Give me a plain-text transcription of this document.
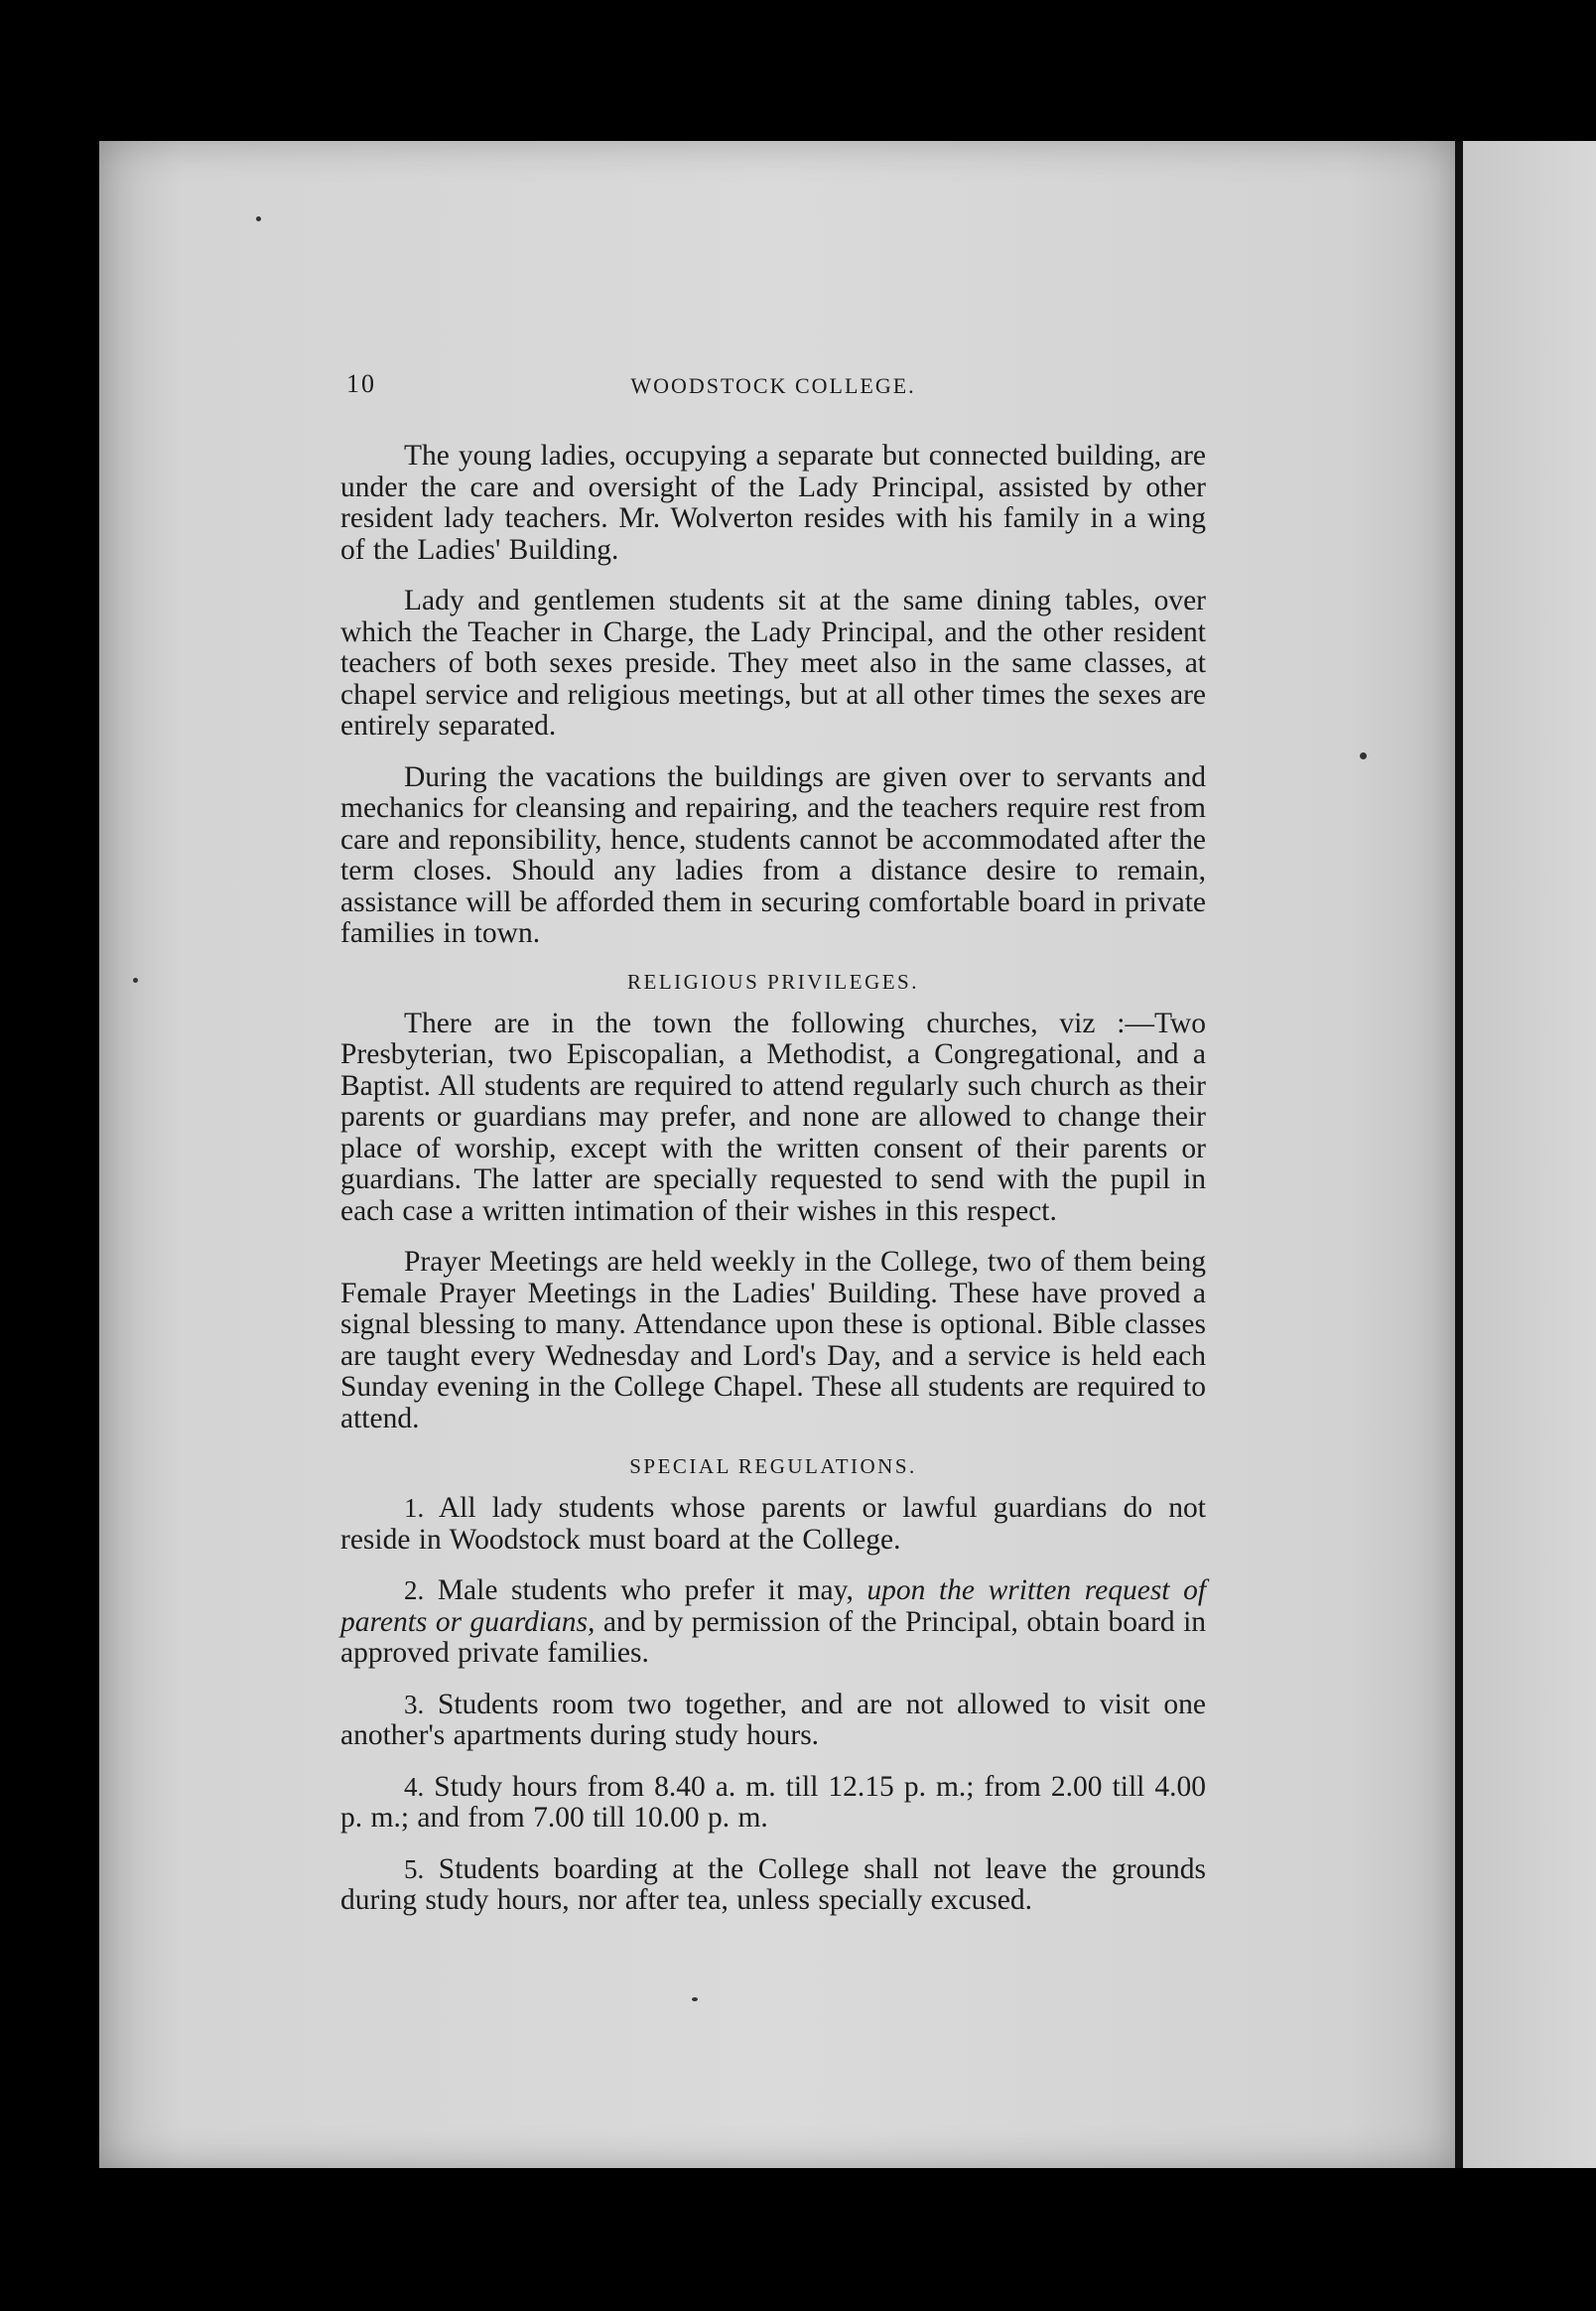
10	WOODSTOCK COLLEGE.

The young ladies, occupying a separate but connected building, are under the care and oversight of the Lady Principal, assisted by other resident lady teachers. Mr. Wolverton resides with his family in a wing of the Ladies' Building.

Lady and gentlemen students sit at the same dining tables, over which the Teacher in Charge, the Lady Principal, and the other resident teachers of both sexes preside. They meet also in the same classes, at chapel service and religious meetings, but at all other times the sexes are entirely separated.

During the vacations the buildings are given over to servants and mechanics for cleansing and repairing, and the teachers require rest from care and reponsibility, hence, students cannot be accommodated after the term closes. Should any ladies from a distance desire to remain, assistance will be afforded them in securing comfortable board in private families in town.

RELIGIOUS PRIVILEGES.

There are in the town the following churches, viz :—Two Presbyterian, two Episcopalian, a Methodist, a Congregational, and a Baptist. All students are required to attend regularly such church as their parents or guardians may prefer, and none are allowed to change their place of worship, except with the written consent of their parents or guardians. The latter are specially requested to send with the pupil in each case a written intimation of their wishes in this respect.

Prayer Meetings are held weekly in the College, two of them being Female Prayer Meetings in the Ladies' Building. These have proved a signal blessing to many. Attendance upon these is optional. Bible classes are taught every Wednesday and Lord's Day, and a service is held each Sunday evening in the College Chapel. These all students are required to attend.

SPECIAL REGULATIONS.

1. All lady students whose parents or lawful guardians do not reside in Woodstock must board at the College.

2. Male students who prefer it may, upon the written request of parents or guardians, and by permission of the Principal, obtain board in approved private families.

3. Students room two together, and are not allowed to visit one another's apartments during study hours.

4. Study hours from 8.40 a. m. till 12.15 p. m.; from 2.00 till 4.00 p. m.; and from 7.00 till 10.00 p. m.

5. Students boarding at the College shall not leave the grounds during study hours, nor after tea, unless specially excused.
